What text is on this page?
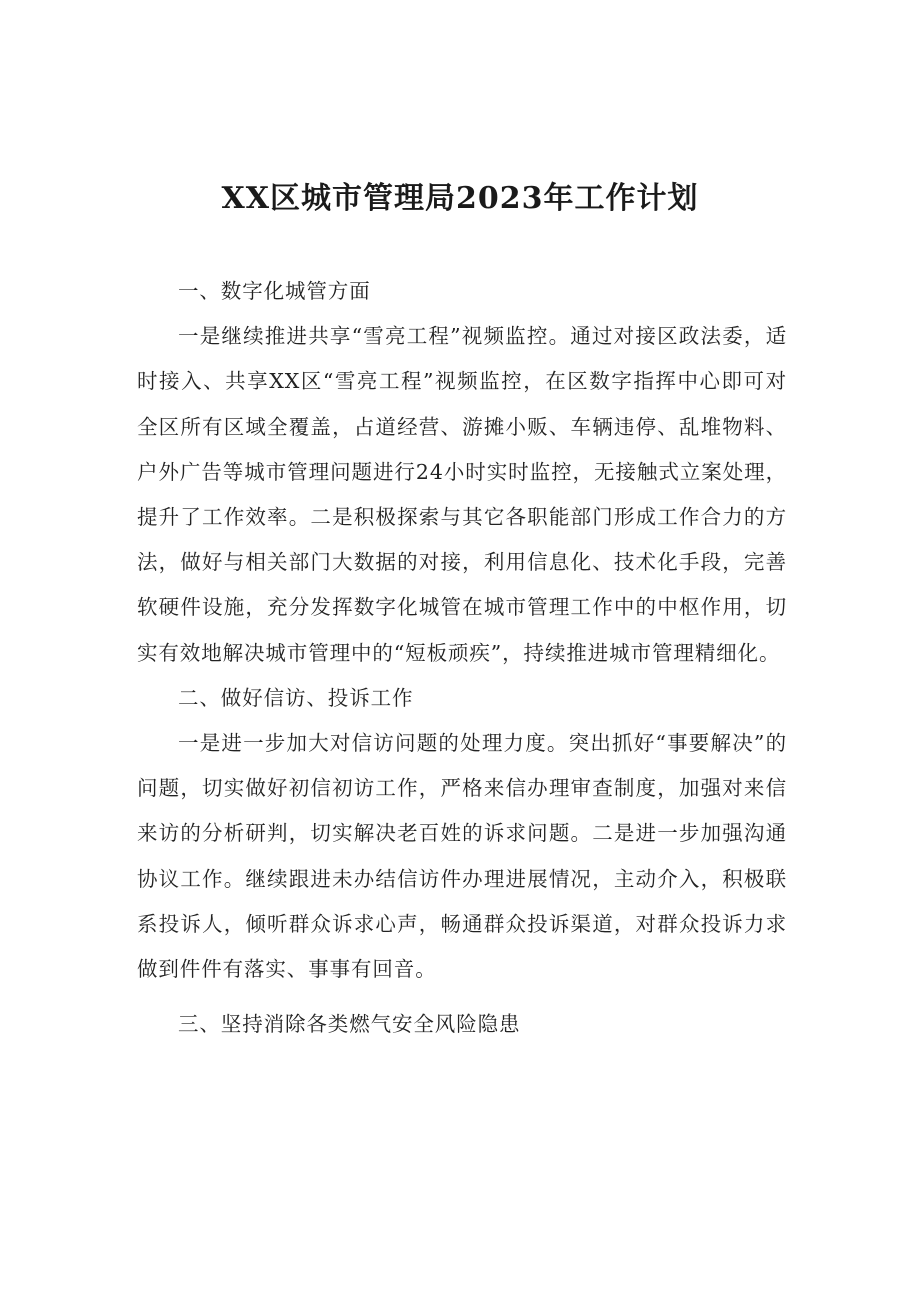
XX区城市管理局2023年工作计划

一、数字化城管方面

一是继续推进共享“雪亮工程”视频监控。通过对接区政法委，适时接入、共享XX区“雪亮工程”视频监控，在区数字指挥中心即可对全区所有区域全覆盖，占道经营、游摊小贩、车辆违停、乱堆物料、户外广告等城市管理问题进行24小时实时监控，无接触式立案处理，提升了工作效率。二是积极探索与其它各职能部门形成工作合力的方法，做好与相关部门大数据的对接，利用信息化、技术化手段，完善软硬件设施，充分发挥数字化城管在城市管理工作中的中枢作用，切实有效地解决城市管理中的“短板顽疾”，持续推进城市管理精细化。

二、做好信访、投诉工作

一是进一步加大对信访问题的处理力度。突出抓好“事要解决”的问题，切实做好初信初访工作，严格来信办理审查制度，加强对来信来访的分析研判，切实解决老百姓的诉求问题。二是进一步加强沟通协议工作。继续跟进未办结信访件办理进展情况，主动介入，积极联系投诉人，倾听群众诉求心声，畅通群众投诉渠道，对群众投诉力求做到件件有落实、事事有回音。

三、坚持消除各类燃气安全风险隐患
